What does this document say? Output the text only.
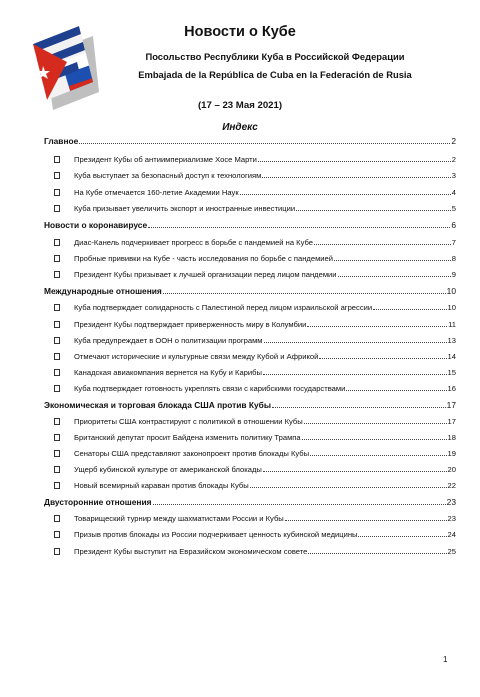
Новости о Кубе
Посольство Республики Куба в Российской Федерации
Embajada de la República de Cuba en la Federación de Rusia
(17 – 23 Мая 2021)
Индекс
Главное	2
Президент Кубы об антиимпериализме Хосе Марти	2
Куба выступает за безопасный доступ к технологиям	3
На Кубе отмечается 160-летие Академии Наук	4
Куба призывает увеличить экспорт и иностранные инвестиции	5
Новости о коронавирусе	6
Диас-Канель подчеркивает прогресс в борьбе с пандемией на Кубе	7
Пробные прививки на Кубе - часть исследования по борьбе с пандемией	8
Президент Кубы призывает к лучшей организации перед лицом пандемии	9
Международные отношения	10
Куба подтверждает солидарность с Палестиной перед лицом израильской агрессии	10
Президент Кубы подтверждает приверженность миру в Колумбии	11
Куба предупреждает в ООН о политизации программ	13
Отмечают исторические и культурные связи между Кубой и Африкой	14
Канадская авиакомпания вернется на Кубу и Карибы	15
Куба подтверждает готовность укреплять связи с карибскими государствами	16
Экономическая и торговая блокада США против Кубы	17
Приоритеты США контрастируют с политикой в отношении Кубы	17
Британский депутат просит Байдена изменить политику Трампа	18
Сенаторы США представляют законопроект против блокады Кубы	19
Ущерб кубинской культуре от американской блокады	20
Новый всемирный караван против блокады Кубы	22
Двусторонние отношения	23
Товарищеский турнир между шахматистами России и Кубы	23
Призыв против блокады из России подчеркивает ценность кубинской медицины	24
Президент Кубы выступит на Евразийском экономическом совете	25
1
